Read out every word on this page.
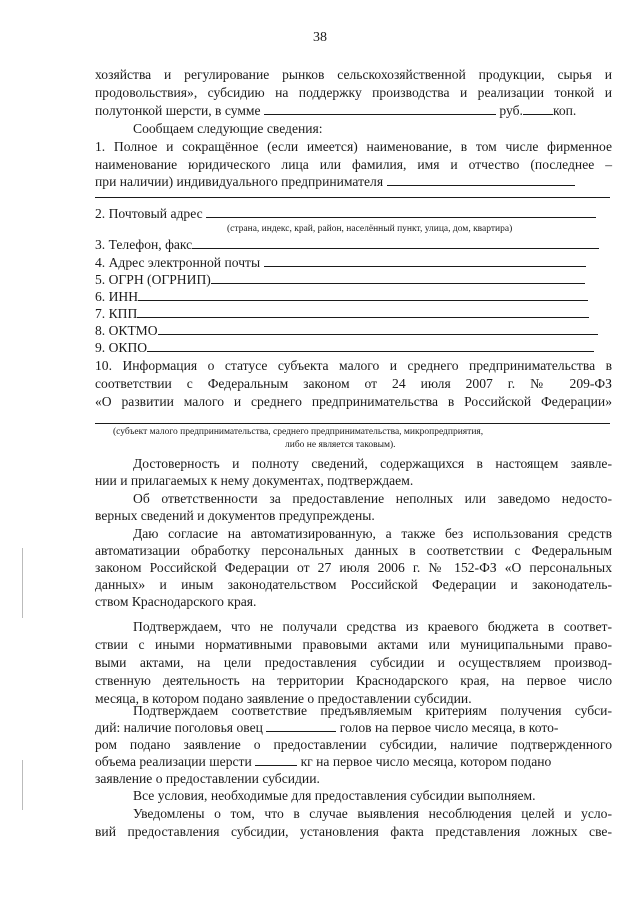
38
хозяйства и регулирование рынков сельскохозяйственной продукции, сырья и
продовольствия», субсидию на поддержку производства и реализации тонкой и
полутонкой шерсти, в сумме	руб. коп.
Сообщаем следующие сведения:
1. Полное и сокращённое (если имеется) наименование, в том числе фирменное
наименование юридического лица или фамилия, имя и отчество (последнее –
при наличии) индивидуального предпринимателя
2. Почтовый адрес
(страна, индекс, край, район, населённый пункт, улица, дом, квартира)
3. Телефон, факс
4. Адрес электронной почты
5. ОГРН (ОГРНИП)
6. ИНН
7. КПП
8. ОКТМО
9. ОКПО
10. Информация о статусе субъекта малого и среднего предпринимательства в
соответствии с Федеральным законом от 24 июля 2007 г. № 209-ФЗ
«О развитии малого и среднего предпринимательства в Российской Федерации»
(субъект малого предпринимательства, среднего предпринимательства, микропредприятия,
либо не является таковым).
Достоверность и полноту сведений, содержащихся в настоящем заявле-
нии и прилагаемых к нему документах, подтверждаем.
Об ответственности за предоставление неполных или заведомо недосто-
верных сведений и документов предупреждены.
Даю согласие на автоматизированную, а также без использования средств
автоматизации обработку персональных данных в соответствии с Федеральным
законом Российской Федерации от 27 июля 2006 г. № 152-ФЗ «О персональных
данных» и иным законодательством Российской Федерации и законодатель-
ством Краснодарского края.
Подтверждаем, что не получали средства из краевого бюджета в соответ-
ствии с иными нормативными правовыми актами или муниципальными право-
выми актами, на цели предоставления субсидии и осуществляем производ-
ственную деятельность на территории Краснодарского края, на первое число
месяца, в котором подано заявление о предоставлении субсидии.
Подтверждаем соответствие предъявляемым критериям получения субси-
дий: наличие поголовья овец	голов на первое число месяца, в кото-
ром подано заявление о предоставлении субсидии, наличие подтвержденного
объема реализации шерсти	кг на первое число месяца, котором подано
заявление о предоставлении субсидии.
Все условия, необходимые для предоставления субсидии выполняем.
Уведомлены о том, что в случае выявления несоблюдения целей и усло-
вий предоставления субсидии, установления факта представления ложных све-
